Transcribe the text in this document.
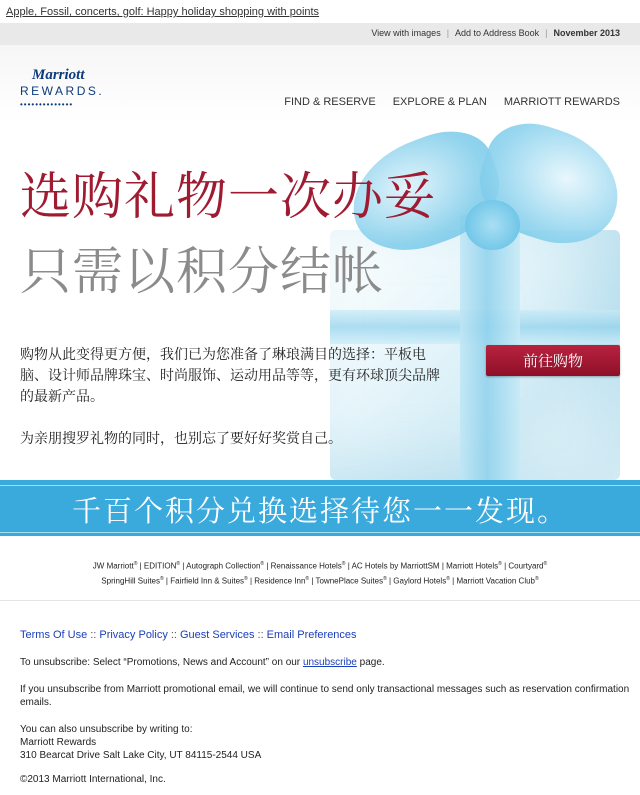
Apple, Fossil, concerts, golf: Happy holiday shopping with points
View with images | Add to Address Book | November 2013
Marriott
REWARDS.
••••••••••••••	FIND & RESERVE EXPLORE & PLAN MARRIOTT REWARDS
选购礼物一次办妥
只需以积分结帐
购物从此变得更方便，我们已为您准备了琳琅满目的选择：平板电脑、设计师品牌珠宝、时尚服饰、运动用品等等，更有环球顶尖品牌的最新产品。
为亲朋搜罗礼物的同时，也别忘了要好好奖赏自己。
前往购物
千百个积分兑换选择待您一一发现。
JW Marriott® | EDITION® | Autograph Collection® | Renaissance Hotels® | AC Hotels by MarriottSM | Marriott Hotels® | Courtyard®
SpringHill Suites® | Fairfield Inn & Suites® | Residence Inn® | TownePlace Suites® | Gaylord Hotels® | Marriott Vacation Club®
Terms Of Use :: Privacy Policy :: Guest Services :: Email Preferences
To unsubscribe: Select “Promotions, News and Account” on our unsubscribe page.
If you unsubscribe from Marriott promotional email, we will continue to send only transactional messages such as reservation confirmation emails.
You can also unsubscribe by writing to:
Marriott Rewards
310 Bearcat Drive Salt Lake City, UT 84115-2544 USA
©2013 Marriott International, Inc.
